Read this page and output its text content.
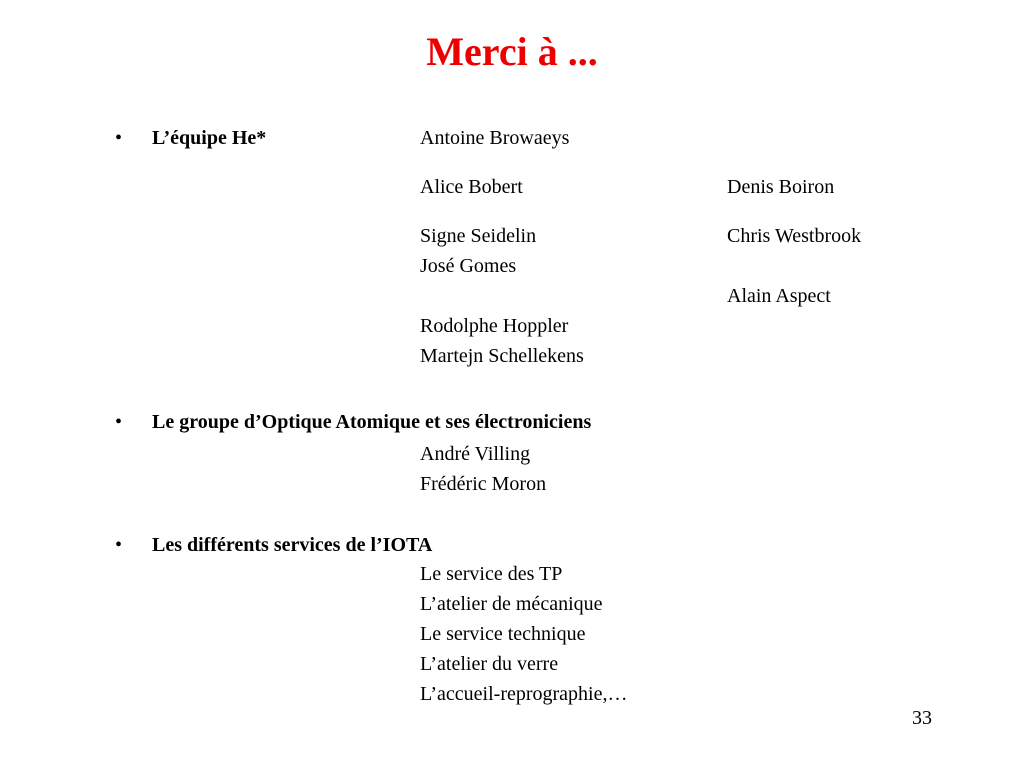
Merci à ...
• L’équipe He*	Antoine Browaeys
Alice Bobert	Denis Boiron
Signe Seidelin	Chris Westbrook
José Gomes
Alain Aspect
Rodolphe Hoppler
Martejn Schellekens
• Le groupe d’Optique Atomique et ses électroniciens
André Villing
Frédéric Moron
• Les différents services de l’IOTA
Le service des TP
L’atelier de mécanique
Le service technique
L’atelier du verre
L’accueil-reprographie,…
33
